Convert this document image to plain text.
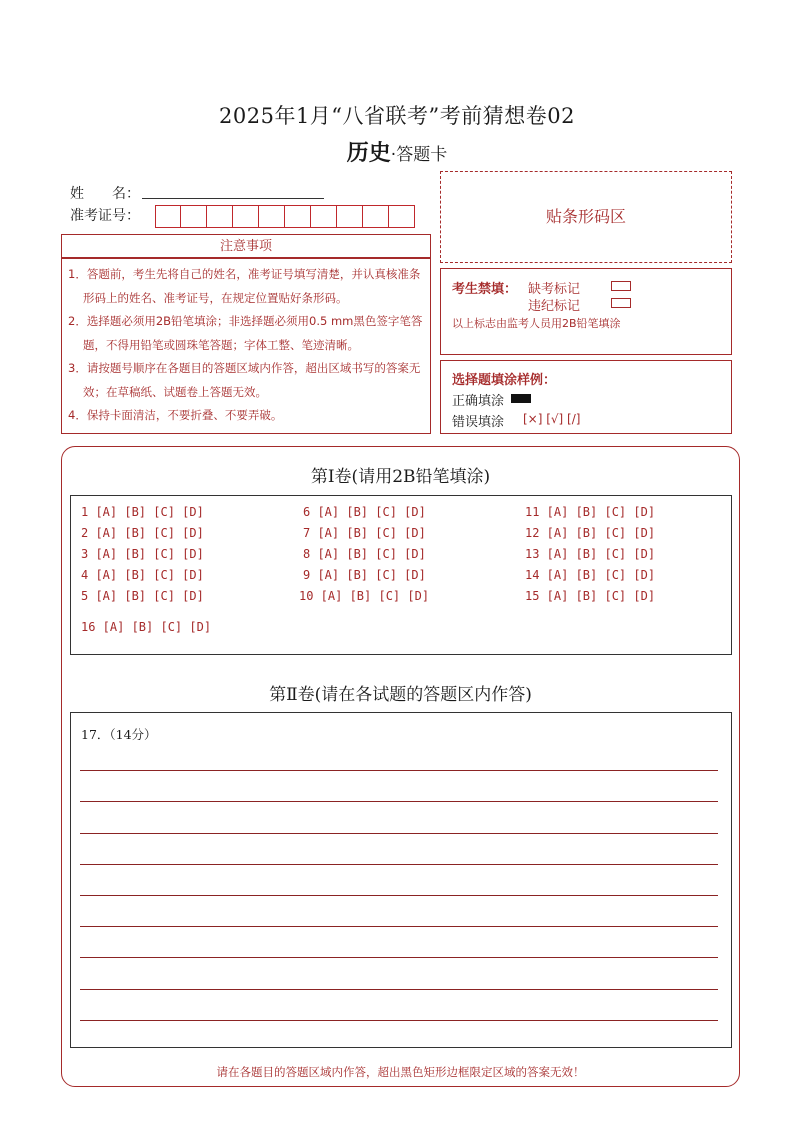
2025年1月“八省联考”考前猜想卷02
历史·答题卡
姓　　名：
准考证号：
注意事项
1．答题前，考生先将自己的姓名，准考证号填写清楚，并认真核准条形码上的姓名、准考证号，在规定位置贴好条形码。
2．选择题必须用2B铅笔填涂；非选择题必须用0.5 mm黑色签字笔答题，不得用铅笔或圆珠笔答题；字体工整、笔迹清晰。
3．请按题号顺序在各题目的答题区域内作答，超出区域书写的答案无效；在草稿纸、试题卷上答题无效。
4．保持卡面清洁，不要折叠、不要弄破。
贴条形码区
考生禁填： 缺考标记
违纪标记
以上标志由监考人员用2B铅笔填涂
选择题填涂样例：
正确填涂
错误填涂 [×] [√] [/]
第Ⅰ卷(请用2B铅笔填涂)
1 [A] [B] [C] [D]
2 [A] [B] [C] [D]
3 [A] [B] [C] [D]
4 [A] [B] [C] [D]
5 [A] [B] [C] [D]
6 [A] [B] [C] [D]
7 [A] [B] [C] [D]
8 [A] [B] [C] [D]
9 [A] [B] [C] [D]
10 [A] [B] [C] [D]
11 [A] [B] [C] [D]
12 [A] [B] [C] [D]
13 [A] [B] [C] [D]
14 [A] [B] [C] [D]
15 [A] [B] [C] [D]
16 [A] [B] [C] [D]
第Ⅱ卷(请在各试题的答题区内作答)
17．（14分）
请在各题目的答题区域内作答，超出黑色矩形边框限定区域的答案无效！
